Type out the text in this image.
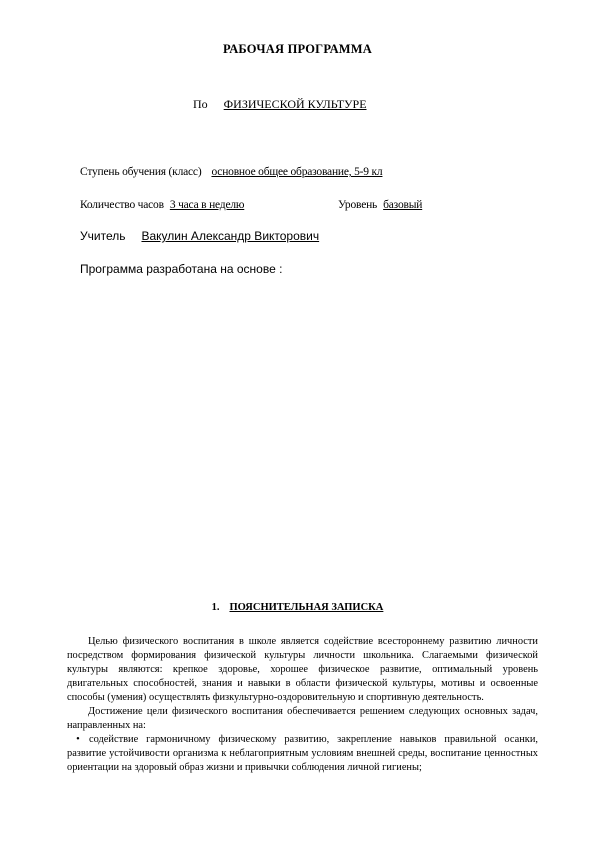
РАБОЧАЯ ПРОГРАММА
По ФИЗИЧЕСКОЙ КУЛЬТУРЕ
Ступень обучения (класс) основное общее образование, 5-9 кл
Количество часов 3 часа в неделю	Уровень базовый
Учитель Вакулин Александр Викторович
Программа разработана на основе :
1. ПОЯСНИТЕЛЬНАЯ ЗАПИСКА

Целью физического воспитания в школе является содействие всестороннему развитию личности посредством формирования физической культуры личности школьника. Слагаемыми физической культуры являются: крепкое здоровье, хорошее физическое развитие, оптимальный уровень двигательных способностей, знания и навыки в области физической культуры, мотивы и освоенные способы (умения) осуществлять физкультурно-оздоровительную и спортивную деятельность.

Достижение цели физического воспитания обеспечивается решением следующих основных задач, направленных на:

• содействие гармоничному физическому развитию, закрепление навыков правильной осанки, развитие устойчивости организма к неблагоприятным условиям внешней среды, воспитание ценностных ориентации на здоровый образ жизни и привычки соблюдения личной гигиены;
